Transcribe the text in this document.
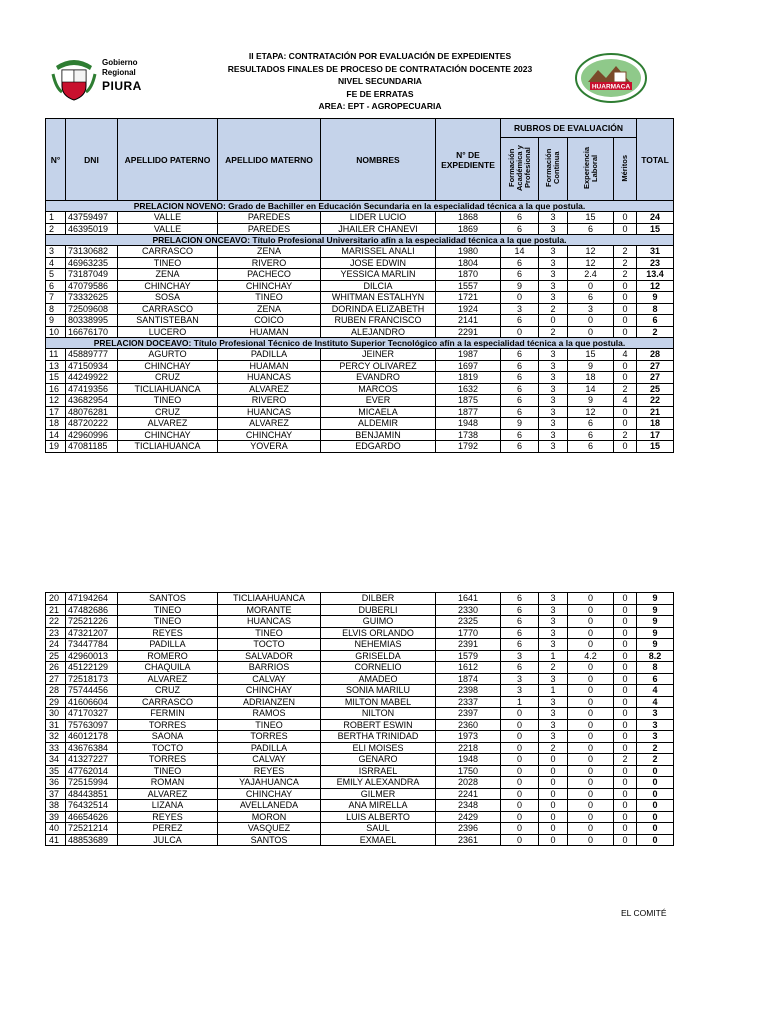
Gobierno
Regional
PIURA
II ETAPA: CONTRATACIÓN POR EVALUACIÓN DE EXPEDIENTES
RESULTADOS FINALES DE PROCESO DE CONTRATACIÓN DOCENTE 2023
NIVEL SECUNDARIA
FE DE ERRATAS
AREA: EPT - AGROPECUARIA
HUARMACA
N°	DNI	APELLIDO PATERNO	APELLIDO MATERNO	NOMBRES	N° DE EXPEDIENTE	RUBROS DE EVALUACIÓN				TOTAL
						Formación Académica y Profesional	Formación Continua	Experiencia Laboral	Méritos	
PRELACION NOVENO: Grado de Bachiller en Educación Secundaria en la especialidad técnica a la que postula.										
1	43759497	VALLE	PAREDES	LIDER LUCIO	1868	6	3	15	0	24
2	46395019	VALLE	PAREDES	JHAILER CHANEVI	1869	6	3	6	0	15
PRELACION ONCEAVO: Título Profesional Universitario afín a la especialidad técnica a la que postula.										
3	73130682	CARRASCO	ZENA	MARISSEL ANALI	1980	14	3	12	2	31
4	46963235	TINEO	RIVERO	JOSE EDWIN	1804	6	3	12	2	23
5	73187049	ZENA	PACHECO	YESSICA MARLIN	1870	6	3	2.4	2	13.4
6	47079586	CHINCHAY	CHINCHAY	DILCIA	1557	9	3	0	0	12
7	73332625	SOSA	TINEO	WHITMAN ESTALHYN	1721	0	3	6	0	9
8	72509608	CARRASCO	ZENA	DORINDA ELIZABETH	1924	3	2	3	0	8
9	80338995	SANTISTEBAN	COICO	RUBEN FRANCISCO	2141	6	0	0	0	6
10	16676170	LUCERO	HUAMAN	ALEJANDRO	2291	0	2	0	0	2
PRELACION DOCEAVO: Título Profesional Técnico de Instituto Superior Tecnológico afín a la especialidad técnica a la que postula.										
11	45889777	AGURTO	PADILLA	JEINER	1987	6	3	15	4	28
13	47150934	CHINCHAY	HUAMAN	PERCY OLIVAREZ	1697	6	3	9	0	27
15	44249922	CRUZ	HUANCAS	EVANDRO	1819	6	3	18	0	27
16	47419356	TICLIAHUANCA	ALVAREZ	MARCOS	1632	6	3	14	2	25
12	43682954	TINEO	RIVERO	EVER	1875	6	3	9	4	22
17	48076281	CRUZ	HUANCAS	MICAELA	1877	6	3	12	0	21
18	48720222	ALVAREZ	ALVAREZ	ALDEMIR	1948	9	3	6	0	18
14	42960996	CHINCHAY	CHINCHAY	BENJAMIN	1738	6	3	6	2	17
19	47081185	TICLIAHUANCA	YOVERA	EDGARDO	1792	6	3	6	0	15
20	47194264	SANTOS	TICLIAAHUANCA	DILBER	1641	6	3	0	0	9
21	47482686	TINEO	MORANTE	DUBERLI	2330	6	3	0	0	9
22	72521226	TINEO	HUANCAS	GUIMO	2325	6	3	0	0	9
23	47321207	REYES	TINEO	ELVIS ORLANDO	1770	6	3	0	0	9
24	73447784	PADILLA	TOCTO	NEHEMIAS	2391	6	3	0	0	9
25	42960013	ROMERO	SALVADOR	GRISELDA	1579	3	1	4.2	0	8.2
26	45122129	CHAQUILA	BARRIOS	CORNELIO	1612	6	2	0	0	8
27	72518173	ALVAREZ	CALVAY	AMADEO	1874	3	3	0	0	6
28	75744456	CRUZ	CHINCHAY	SONIA MARILU	2398	3	1	0	0	4
29	41606604	CARRASCO	ADRIANZEN	MILTON MABEL	2337	1	3	0	0	4
30	47170327	FERMIN	RAMOS	NILTON	2397	0	3	0	0	3
31	75763097	TORRES	TINEO	ROBERT ESWIN	2360	0	3	0	0	3
32	46012178	SAONA	TORRES	BERTHA TRINIDAD	1973	0	3	0	0	3
33	43676384	TOCTO	PADILLA	ELI MOISES	2218	0	2	0	0	2
34	41327227	TORRES	CALVAY	GENARO	1948	0	0	0	2	2
35	47762014	TINEO	REYES	ISRRAEL	1750	0	0	0	0	0
36	72515994	ROMAN	YAJAHUANCA	EMILY ALEXANDRA	2028	0	0	0	0	0
37	48443851	ALVAREZ	CHINCHAY	GILMER	2241	0	0	0	0	0
38	76432514	LIZANA	AVELLANEDA	ANA MIRELLA	2348	0	0	0	0	0
39	46654626	REYES	MORON	LUIS ALBERTO	2429	0	0	0	0	0
40	72521214	PEREZ	VASQUEZ	SAUL	2396	0	0	0	0	0
41	48853689	JULCA	SANTOS	EXMAEL	2361	0	0	0	0	0
EL COMITÉ
